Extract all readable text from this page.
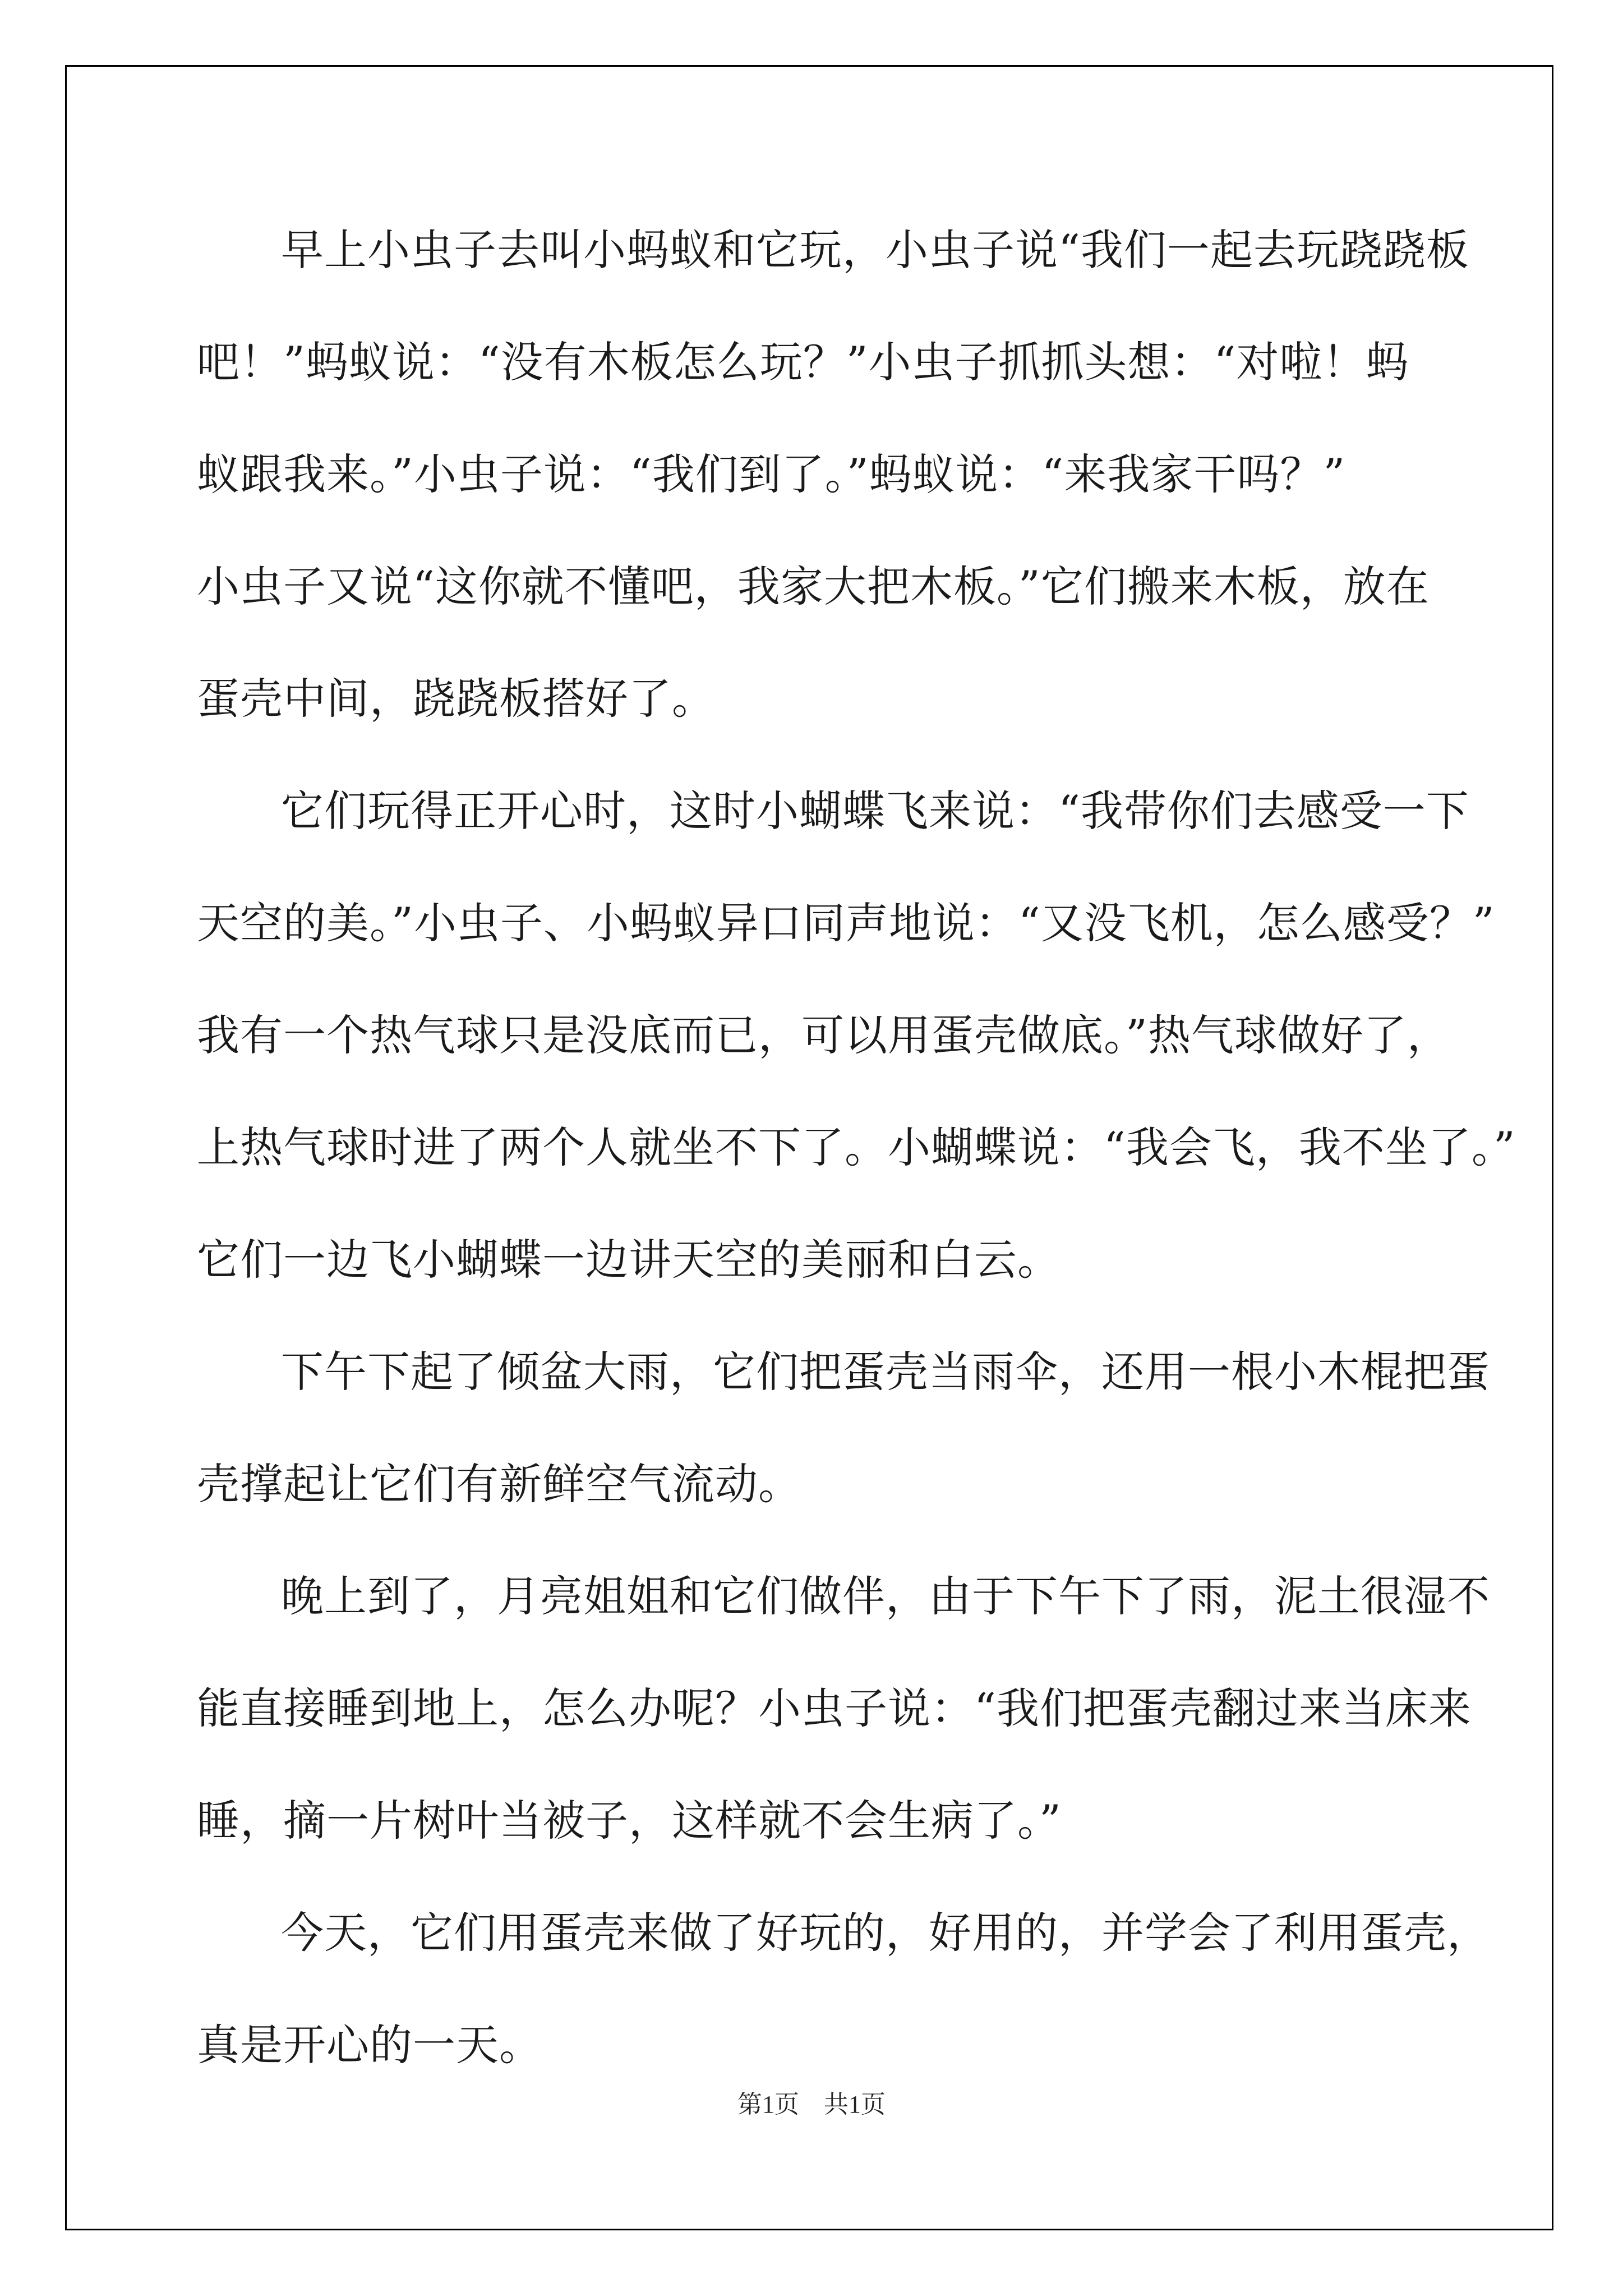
早上小虫子去叫小蚂蚁和它玩，小虫子说“我们一起去玩跷跷板
吧！”蚂蚁说：“没有木板怎么玩？”小虫子抓抓头想：“对啦！蚂
蚁跟我来。”小虫子说：“我们到了。”蚂蚁说：“来我家干吗？”
小虫子又说“这你就不懂吧，我家大把木板。”它们搬来木板，放在
蛋壳中间，跷跷板搭好了。
它们玩得正开心时，这时小蝴蝶飞来说：“我带你们去感受一下
天空的美。”小虫子、小蚂蚁异口同声地说：“又没飞机，怎么感受？”
我有一个热气球只是没底而已，可以用蛋壳做底。”热气球做好了，
上热气球时进了两个人就坐不下了。小蝴蝶说：“我会飞，我不坐了。”
它们一边飞小蝴蝶一边讲天空的美丽和白云。
下午下起了倾盆大雨，它们把蛋壳当雨伞，还用一根小木棍把蛋
壳撑起让它们有新鲜空气流动。
晚上到了，月亮姐姐和它们做伴，由于下午下了雨，泥土很湿不
能直接睡到地上，怎么办呢？小虫子说：“我们把蛋壳翻过来当床来
睡，摘一片树叶当被子，这样就不会生病了。”
今天，它们用蛋壳来做了好玩的，好用的，并学会了利用蛋壳，
真是开心的一天。
第1页　共1页
